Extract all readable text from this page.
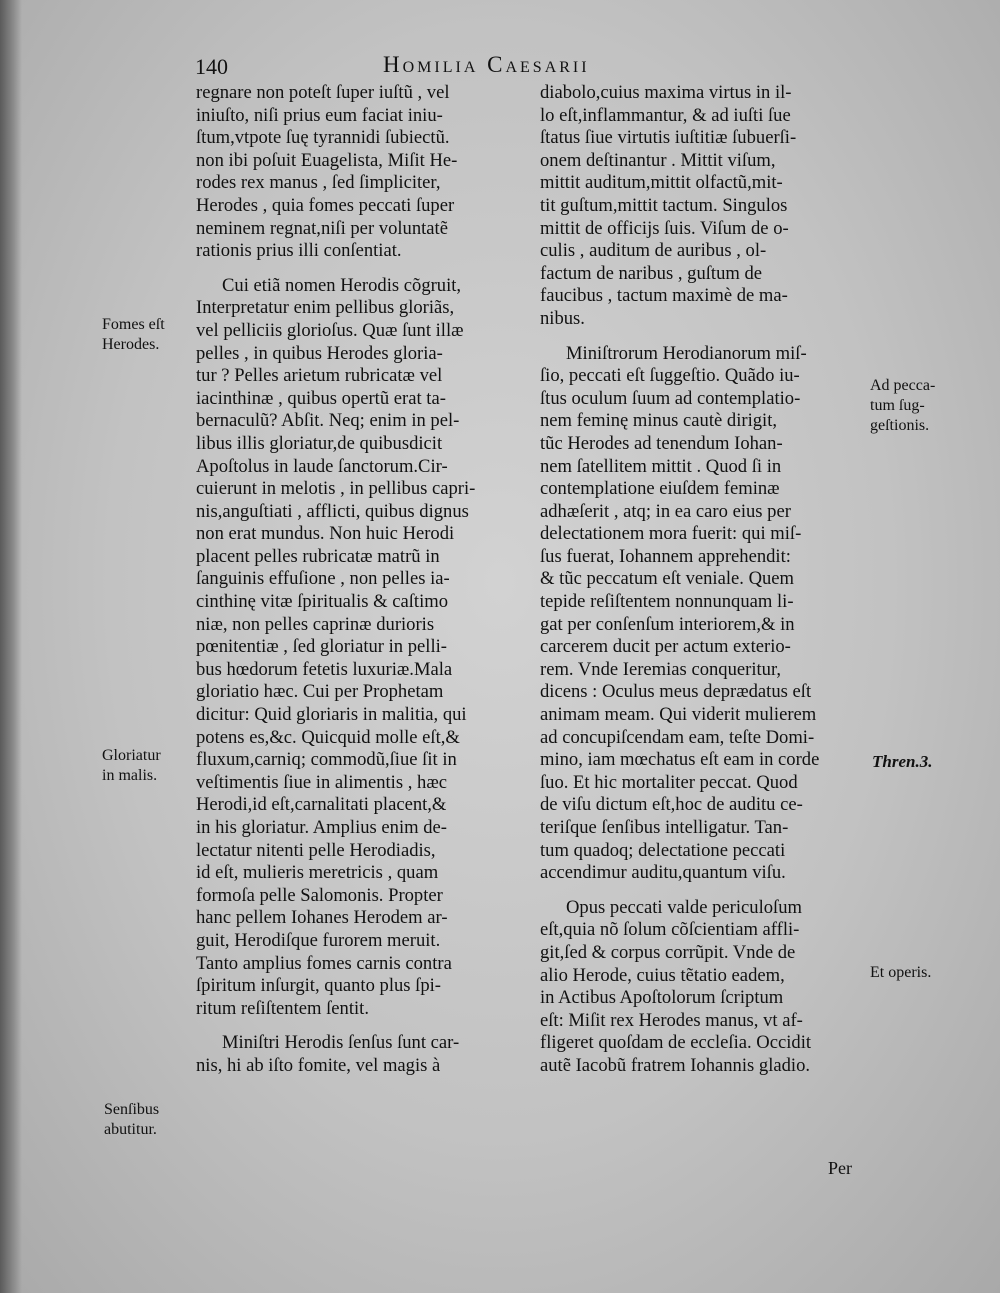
140	Homilia Caesarii
regnare non poteſt ſuper iuſtũ , vel
iniuſto, niſi prius eum faciat iniu-
ſtum,vtpote ſuę tyrannidi ſubiectũ.
non ibi poſuit Euagelista, Miſit He-
rodes rex manus , ſed ſimpliciter,
Herodes , quia fomes peccati ſuper
neminem regnat,niſi per voluntatẽ
rationis prius illi conſentiat.
Cui etiã nomen Herodis cõgruit,
Interpretatur enim pellibus gloriãs,
vel pelliciis glorioſus. Quæ ſunt illæ
pelles , in quibus Herodes gloria-
tur ? Pelles arietum rubricatæ vel
iacinthinæ , quibus opertũ erat ta-
bernaculũ? Abſit. Neq; enim in pel-
libus illis gloriatur,de quibusdicit
Apoſtolus in laude ſanctorum.Cir-
cuierunt in melotis , in pellibus capri-
nis,anguſtiati , afflicti, quibus dignus
non erat mundus. Non huic Herodi
placent pelles rubricatæ matrũ in
ſanguinis effuſione , non pelles ia-
cinthinę vitæ ſpiritualis & caſtimo
niæ, non pelles caprinæ durioris
pœnitentiæ , ſed gloriatur in pelli-
bus hœdorum fetetis luxuriæ.Mala
gloriatio hæc. Cui per Prophetam
dicitur: Quid gloriaris in malitia, qui
potens es,&c. Quicquid molle eſt,&
fluxum,carniq; commodũ,ſiue ſit in
veſtimentis ſiue in alimentis , hæc
Herodi,id eſt,carnalitati placent,&
in his gloriatur. Amplius enim de-
lectatur nitenti pelle Herodiadis,
id eſt, mulieris meretricis , quam
formoſa pelle Salomonis. Propter
hanc pellem Iohanes Herodem ar-
guit, Herodiſque furorem meruit.
Tanto amplius fomes carnis contra
ſpiritum inſurgit, quanto plus ſpi-
ritum reſiſtentem ſentit.
Miniſtri Herodis ſenſus ſunt car-
nis, hi ab iſto fomite, vel magis à
diabolo,cuius maxima virtus in il-
lo eſt,inflammantur, & ad iuſti ſue
ſtatus ſiue virtutis iuſtitiæ ſubuerſi-
onem deſtinantur . Mittit viſum,
mittit auditum,mittit olfactũ,mit-
tit guſtum,mittit tactum. Singulos
mittit de officijs ſuis. Viſum de o-
culis , auditum de auribus , ol-
factum de naribus , guſtum de
faucibus , tactum maximè de ma-
nibus.
Miniſtrorum Herodianorum miſ-
ſio, peccati eſt ſuggeſtio. Quãdo iu-
ſtus oculum ſuum ad contemplatio-
nem feminę minus cautè dirigit,
tũc Herodes ad tenendum Iohan-
nem ſatellitem mittit . Quod ſi in
contemplatione eiuſdem feminæ
adhæſerit , atq; in ea caro eius per
delectationem mora fuerit: qui miſ-
ſus fuerat, Iohannem apprehendit:
& tũc peccatum eſt veniale. Quem
tepide reſiſtentem nonnunquam li-
gat per conſenſum interiorem,& in
carcerem ducit per actum exterio-
rem. Vnde Ieremias conqueritur,
dicens : Oculus meus deprædatus eſt
animam meam. Qui viderit mulierem
ad concupiſcendam eam, teſte Domi-
mino, iam mœchatus eſt eam in corde
ſuo. Et hic mortaliter peccat. Quod
de viſu dictum eſt,hoc de auditu ce-
teriſque ſenſibus intelligatur. Tan-
tum quadoq; delectatione peccati
accendimur auditu,quantum viſu.
Opus peccati valde periculoſum
eſt,quia nõ ſolum cõſcientiam affli-
git,ſed & corpus corrũpit. Vnde de
alio Herode, cuius tẽtatio eadem,
in Actibus Apoſtolorum ſcriptum
eſt: Miſit rex Herodes manus, vt af-
fligeret quoſdam de eccleſia. Occidit
autẽ Iacobũ fratrem Iohannis gladio.
Fomes eſt
Herodes.
Gloriatur
in malis.
Senſibus
abutitur.
Ad pecca-
tum ſug-
geſtionis.
Thren.3.
Et operis.
Per
